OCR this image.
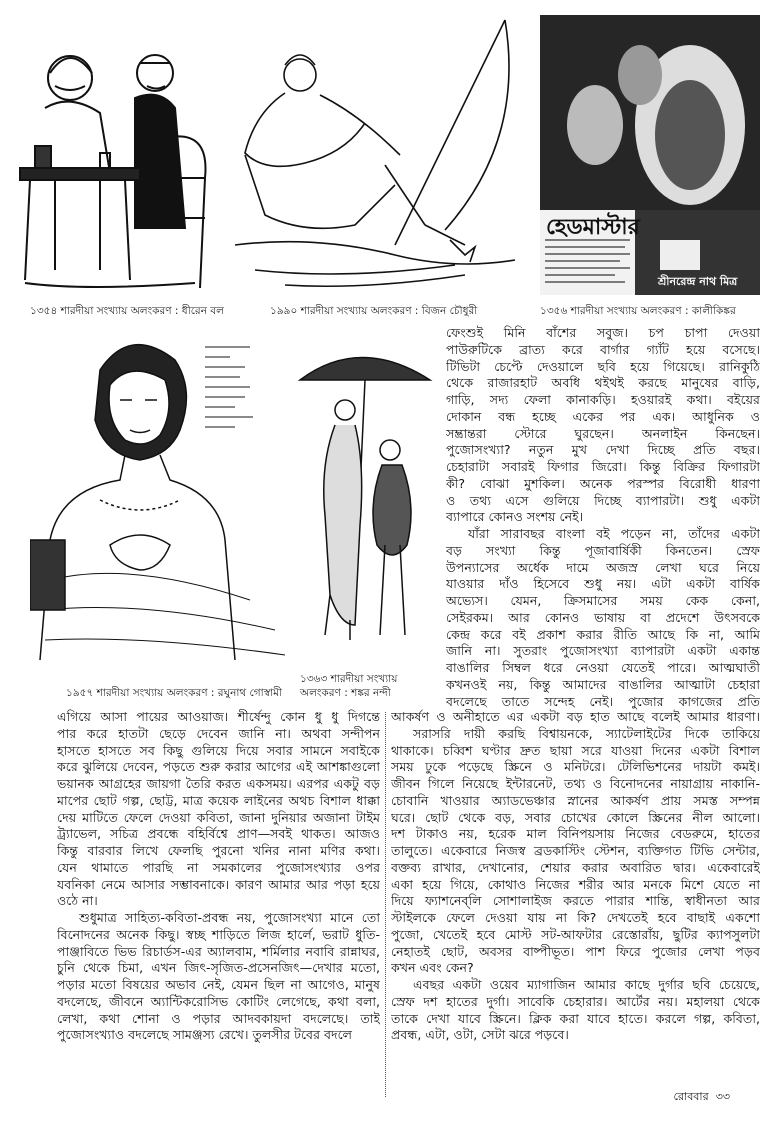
হেডমাস্টার
শ্রীনরেন্দ্র নাথ মিত্র
১৩৫৪ শারদীয়া সংখ্যায় অলংকরণ : ধীরেন বল	১৯৯০ শারদীয়া সংখ্যায় অলংকরণ : বিজন চৌধুরী	১৩৫৬ শারদীয়া সংখ্যায় অলংকরণ : কালীকিঙ্কর
১৯৫৭ শারদীয়া সংখ্যায় অলংকরণ : রঘুনাথ গোস্বামী
১৩৬৩ শারদীয়া সংখ্যায়
অলংকরণ : শঙ্কর নন্দী
ফেংশুই মিনি বাঁশের সবুজ। চপ চাপা দেওয়া
পাউরুটিকে ব্রাত্য করে বার্গার গ্যাঁট হয়ে বসেছে।
টিভিটা চেপ্টে দেওয়ালে ছবি হয়ে গিয়েছে। রানিকুঠি
থেকে রাজারহাট অবধি থইথই করছে মানুষের বাড়ি,
গাড়ি, সদ্য ফেলা কানাকড়ি। হওয়ারই কথা। বইয়ের
দোকান বন্ধ হচ্ছে একের পর এক। আধুনিক ও
সম্ভ্রান্তরা স্টোরে ঘুরছেন। অনলাইন কিনছেন।
পুজোসংখ্যা? নতুন মুখ দেখা দিচ্ছে প্রতি বছর।
চেহারাটা সবারই ফিগার জিরো। কিন্তু বিক্রির ফিগারটা
কী? বোঝা মুশকিল। অনেক পরস্পর বিরোধী ধারণা
ও তথ্য এসে গুলিয়ে দিচ্ছে ব্যাপারটা। শুধু একটা
ব্যাপারে কোনও সংশয় নেই।
যাঁরা সারাবছর বাংলা বই পড়েন না, তাঁদের একটা
বড় সংখ্যা কিন্তু পূজাবার্ষিকী কিনতেন। স্রেফ
উপন্যাসের অর্ধেক দামে অজস্র লেখা ঘরে নিয়ে
যাওয়ার দাঁও হিসেবে শুধু নয়। এটা একটা বার্ষিক
অভ্যেস। যেমন, ক্রিসমাসের সময় কেক কেনা,
সেইরকম। আর কোনও ভাষায় বা প্রদেশে উৎসবকে
কেন্দ্র করে বই প্রকাশ করার রীতি আছে কি না, আমি
জানি না। সুতরাং পুজোসংখ্যা ব্যাপারটা একটা একান্ত
বাঙালির সিম্বল ধরে নেওয়া যেতেই পারে। আত্মঘাতী
কখনওই নয়, কিন্তু আমাদের বাঙালির আত্মাটা চেহারা
বদলেছে তাতে সন্দেহ নেই। পুজোর কাগজের প্রতি
আকর্ষণ ও অনীহাতে এর একটা বড় হাত আছে বলেই আমার ধারণা।
সরাসরি দায়ী করছি বিশ্বায়নকে, স্যাটেলাইটের দিকে তাকিয়ে
থাকাকে। চব্বিশ ঘণ্টার দ্রুত ছায়া সরে যাওয়া দিনের একটা বিশাল
সময় ঢুকে পড়েছে স্ক্রিনে ও মনিটরে। টেলিভিশনের দায়টা কমই।
জীবন গিলে নিয়েছে ইন্টারনেট, তথ্য ও বিনোদনের নায়াগ্রায় নাকানি-
চোবানি খাওয়ার অ্যাডভেঞ্চার স্নানের আকর্ষণ প্রায় সমস্ত সম্পন্ন
ঘরে। ছোট থেকে বড়, সবার চোখের কোলে স্ক্রিনের নীল আলো।
দশ টাকাও নয়, হরেক মাল বিনিপয়সায় নিজের বেডরুমে, হাতের
তালুতে। একেবারে নিজস্ব ব্রডকাস্টিং স্টেশন, ব্যক্তিগত টিভি সেন্টার,
বক্তব্য রাখার, দেখানোর, শেয়ার করার অবারিত দ্বার। একেবারেই
একা হয়ে গিয়ে, কোথাও নিজের শরীর আর মনকে মিশে যেতে না
দিয়ে ফ্যাশনেব্‌লি সোশালাইজ করতে পারার শান্তি, স্বাধীনতা আর
স্টাইলকে ফেলে দেওয়া যায় না কি? দেখতেই হবে বাছাই একশো
পুজো, খেতেই হবে মোস্ট সট-আফটার রেস্তোরাঁয়, ছুটির ক্যাপসুলটা
নেহাতই ছোট, অবসর বাষ্পীভূত। পাশ ফিরে পুজোর লেখা পড়ব
কখন এবং কেন?
এবছর একটা ওয়েব ম্যাগাজিন আমার কাছে দুর্গার ছবি চেয়েছে,
স্রেফ দশ হাতের দুর্গা। সাবেকি চেহারার। আর্টের নয়। মহালয়া থেকে
তাকে দেখা যাবে স্ক্রিনে। ক্লিক করা যাবে হাতে। করলে গল্প, কবিতা,
প্রবন্ধ, এটা, ওটা, সেটা ঝরে পড়বে।
এগিয়ে আসা পায়ের আওয়াজ। শীর্ষেন্দু কোন ধু ধু দিগন্তে
পার করে হাতটা ছেড়ে দেবেন জানি না। অথবা সন্দীপন
হাসতে হাসতে সব কিছু গুলিয়ে দিয়ে সবার সামনে সবাইকে
করে ঝুলিয়ে দেবেন, পড়তে শুরু করার আগের এই আশঙ্কাগুলো
ভয়ানক আগ্রহের জায়গা তৈরি করত একসময়। এরপর একটু বড়
মাপের ছোট গল্প, ছোট্ট, মাত্র কয়েক লাইনের অথচ বিশাল ধাক্কা
দেয় মাটিতে ফেলে দেওয়া কবিতা, জানা দুনিয়ার অজানা টাইম
ট্র্যাভেল, সচিত্র প্রবন্ধে বহির্বিশ্বে প্রাণ—সবই থাকত। আজও
কিন্তু বারবার লিখে ফেলছি পুরনো খনির নানা মণির কথা।
যেন থামাতে পারছি না সমকালের পুজোসংখ্যার ওপর
যবনিকা নেমে আসার সম্ভাবনাকে। কারণ আমার আর পড়া হয়ে
ওঠে না।
শুধুমাত্র সাহিত্য-কবিতা-প্রবন্ধ নয়, পুজোসংখ্যা মানে তো
বিনোদনের অনেক কিছু। স্বচ্ছ শাড়িতে লিজ হার্লে, ভরাট ধুতি-
পাঞ্জাবিতে ভিভ রিচার্ডস-এর অ্যালবাম, শর্মিলার নবাবি রান্নাঘর,
চুনি থেকে চিমা, এখন জিৎ-সৃজিত-প্রসেনজিৎ—দেখার মতো,
পড়ার মতো বিষয়ের অভাব নেই, যেমন ছিল না আগেও, মানুষ
বদলেছে, জীবনে অ্যান্টিকরোসিভ কোটিং লেগেছে, কথা বলা,
লেখা, কথা শোনা ও পড়ার আদবকায়দা বদলেছে। তাই
পুজোসংখ্যাও বদলেছে সামঞ্জস্য রেখে। তুলসীর টবের বদলে
রোববার ৩৩
